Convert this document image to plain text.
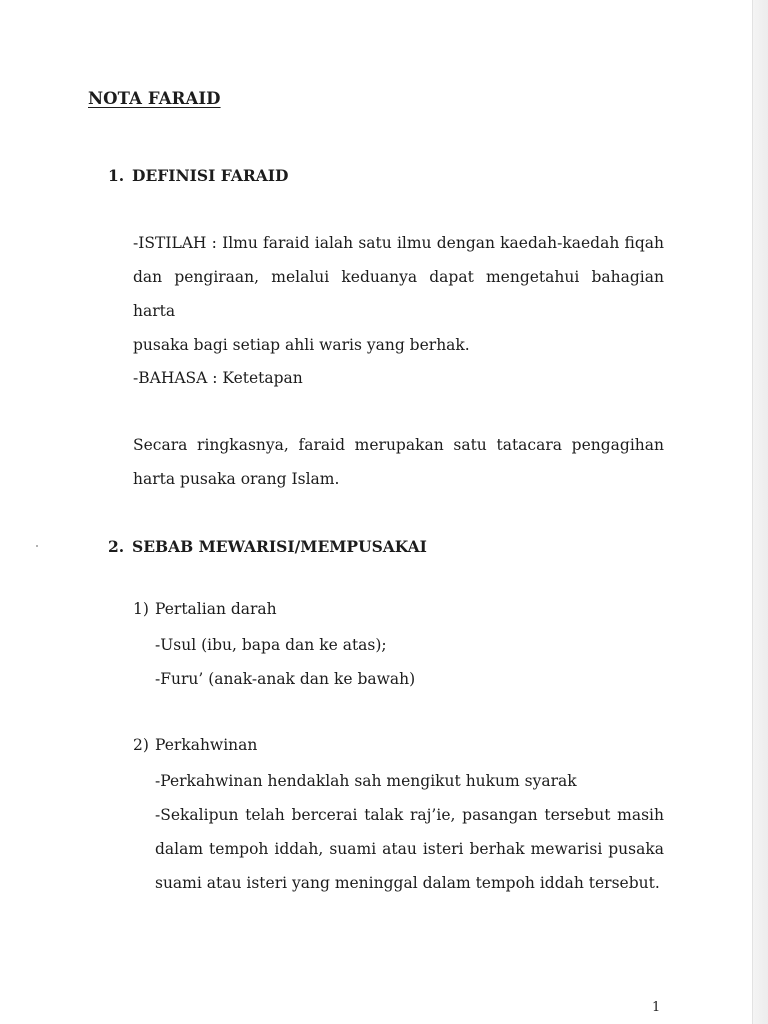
NOTA FARAID
1. DEFINISI FARAID
-ISTILAH : Ilmu faraid ialah satu ilmu dengan kaedah-kaedah fiqah
dan pengiraan, melalui keduanya dapat mengetahui bahagian harta
pusaka bagi setiap ahli waris yang berhak.
-BAHASA : Ketetapan
Secara ringkasnya, faraid merupakan satu tatacara pengagihan
harta pusaka orang Islam.
2. SEBAB MEWARISI/MEMPUSAKAI
1) Pertalian darah
-Usul (ibu, bapa dan ke atas);
-Furu’ (anak-anak dan ke bawah)
2) Perkahwinan
-Perkahwinan hendaklah sah mengikut hukum syarak
-Sekalipun telah bercerai talak raj’ie, pasangan tersebut masih
dalam tempoh iddah, suami atau isteri berhak mewarisi pusaka
suami atau isteri yang meninggal dalam tempoh iddah tersebut.
1
